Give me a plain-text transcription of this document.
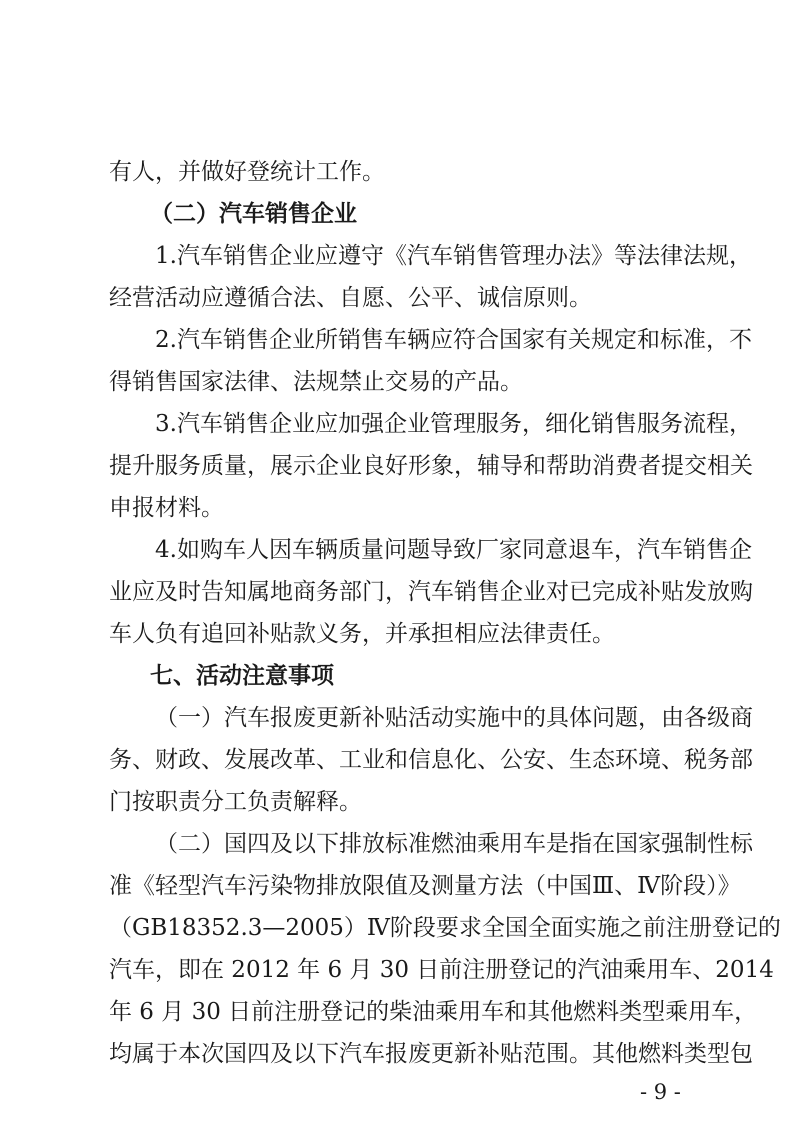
有人，并做好登统计工作。
（二）汽车销售企业
1.汽车销售企业应遵守《汽车销售管理办法》等法律法规，
经营活动应遵循合法、自愿、公平、诚信原则。
2.汽车销售企业所销售车辆应符合国家有关规定和标准，不
得销售国家法律、法规禁止交易的产品。
3.汽车销售企业应加强企业管理服务，细化销售服务流程，
提升服务质量，展示企业良好形象，辅导和帮助消费者提交相关
申报材料。
4.如购车人因车辆质量问题导致厂家同意退车，汽车销售企
业应及时告知属地商务部门，汽车销售企业对已完成补贴发放购
车人负有追回补贴款义务，并承担相应法律责任。
七、活动注意事项
（一）汽车报废更新补贴活动实施中的具体问题，由各级商
务、财政、发展改革、工业和信息化、公安、生态环境、税务部
门按职责分工负责解释。
（二）国四及以下排放标准燃油乘用车是指在国家强制性标
准《轻型汽车污染物排放限值及测量方法（中国Ⅲ、Ⅳ阶段）》
（GB18352.3—2005）Ⅳ阶段要求全国全面实施之前注册登记的
汽车，即在 2012 年 6 月 30 日前注册登记的汽油乘用车、2014
年 6 月 30 日前注册登记的柴油乘用车和其他燃料类型乘用车，
均属于本次国四及以下汽车报废更新补贴范围。其他燃料类型包
- 9 -
